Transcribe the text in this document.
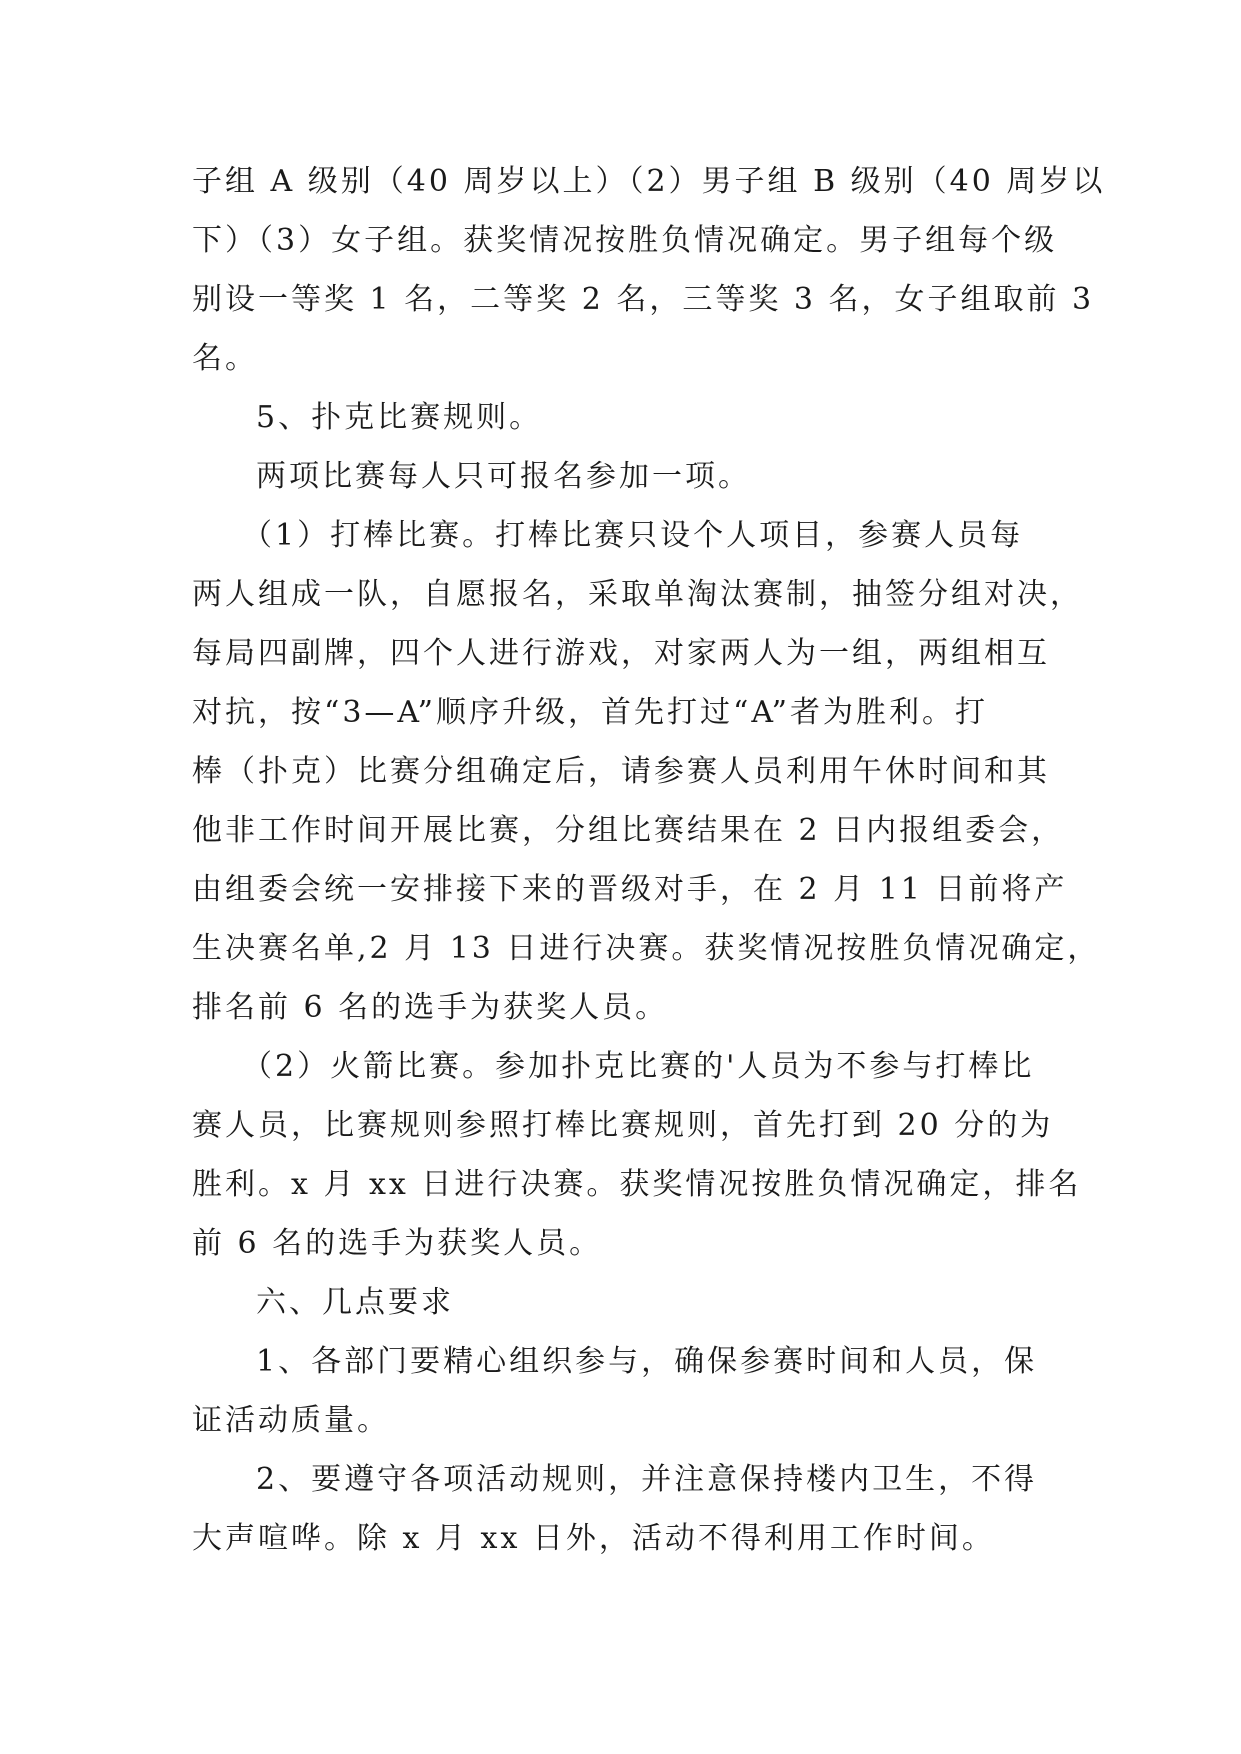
子组 A 级别（40 周岁以上）（2）男子组 B 级别（40 周岁以
下）（3）女子组。获奖情况按胜负情况确定。男子组每个级
别设一等奖 1 名，二等奖 2 名，三等奖 3 名，女子组取前 3
名。
5、扑克比赛规则。
两项比赛每人只可报名参加一项。
（1）打棒比赛。打棒比赛只设个人项目，参赛人员每
两人组成一队，自愿报名，采取单淘汰赛制，抽签分组对决，
每局四副牌，四个人进行游戏，对家两人为一组，两组相互
对抗，按“3—A”顺序升级，首先打过“A”者为胜利。打
棒（扑克）比赛分组确定后，请参赛人员利用午休时间和其
他非工作时间开展比赛，分组比赛结果在 2 日内报组委会，
由组委会统一安排接下来的晋级对手，在 2 月 11 日前将产
生决赛名单,2 月 13 日进行决赛。获奖情况按胜负情况确定，
排名前 6 名的选手为获奖人员。
（2）火箭比赛。参加扑克比赛的'人员为不参与打棒比
赛人员，比赛规则参照打棒比赛规则，首先打到 20 分的为
胜利。x 月 xx 日进行决赛。获奖情况按胜负情况确定，排名
前 6 名的选手为获奖人员。
六、几点要求
1、各部门要精心组织参与，确保参赛时间和人员，保
证活动质量。
2、要遵守各项活动规则，并注意保持楼内卫生，不得
大声喧哗。除 x 月 xx 日外，活动不得利用工作时间。
